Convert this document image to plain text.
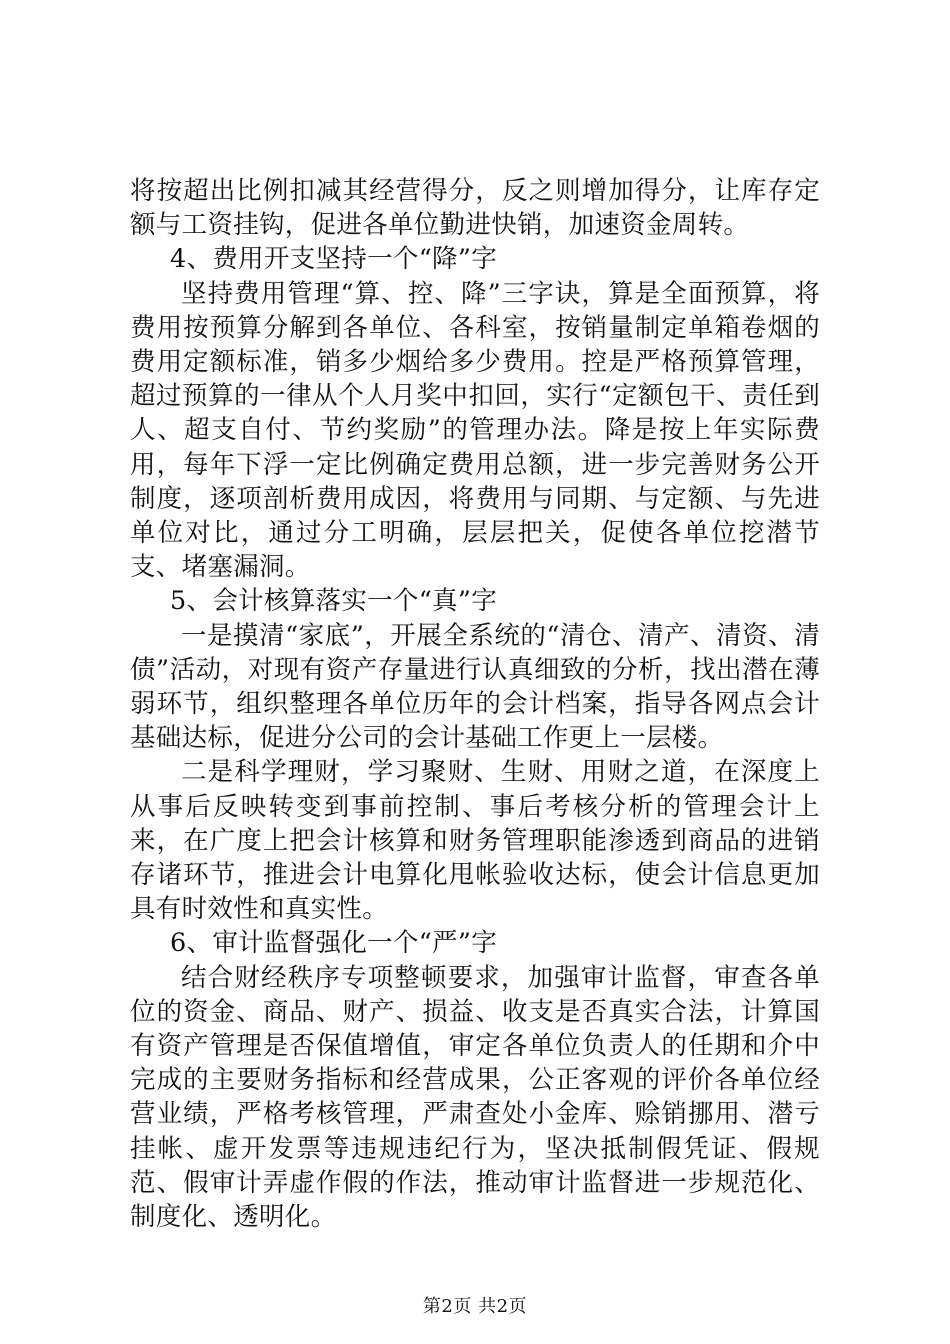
将按超出比例扣减其经营得分，反之则增加得分，让库存定额与工资挂钩，促进各单位勤进快销，加速资金周转。

4、费用开支坚持一个“降”字

坚持费用管理“算、控、降”三字诀，算是全面预算，将费用按预算分解到各单位、各科室，按销量制定单箱卷烟的费用定额标准，销多少烟给多少费用。控是严格预算管理，超过预算的一律从个人月奖中扣回，实行“定额包干、责任到人、超支自付、节约奖励”的管理办法。降是按上年实际费用，每年下浮一定比例确定费用总额，进一步完善财务公开制度，逐项剖析费用成因，将费用与同期、与定额、与先进单位对比，通过分工明确，层层把关，促使各单位挖潜节支、堵塞漏洞。

5、会计核算落实一个“真”字

一是摸清“家底”，开展全系统的“清仓、清产、清资、清债”活动，对现有资产存量进行认真细致的分析，找出潜在薄弱环节，组织整理各单位历年的会计档案，指导各网点会计基础达标，促进分公司的会计基础工作更上一层楼。

二是科学理财，学习聚财、生财、用财之道，在深度上从事后反映转变到事前控制、事后考核分析的管理会计上来，在广度上把会计核算和财务管理职能渗透到商品的进销存诸环节，推进会计电算化甩帐验收达标，使会计信息更加具有时效性和真实性。

6、审计监督强化一个“严”字

结合财经秩序专项整顿要求，加强审计监督，审查各单位的资金、商品、财产、损益、收支是否真实合法，计算国有资产管理是否保值增值，审定各单位负责人的任期和介中完成的主要财务指标和经营成果，公正客观的评价各单位经营业绩，严格考核管理，严肃查处小金库、赊销挪用、潜亏挂帐、虚开发票等违规违纪行为，坚决抵制假凭证、假规范、假审计弄虚作假的作法，推动审计监督进一步规范化、制度化、透明化。

第2页 共2页
